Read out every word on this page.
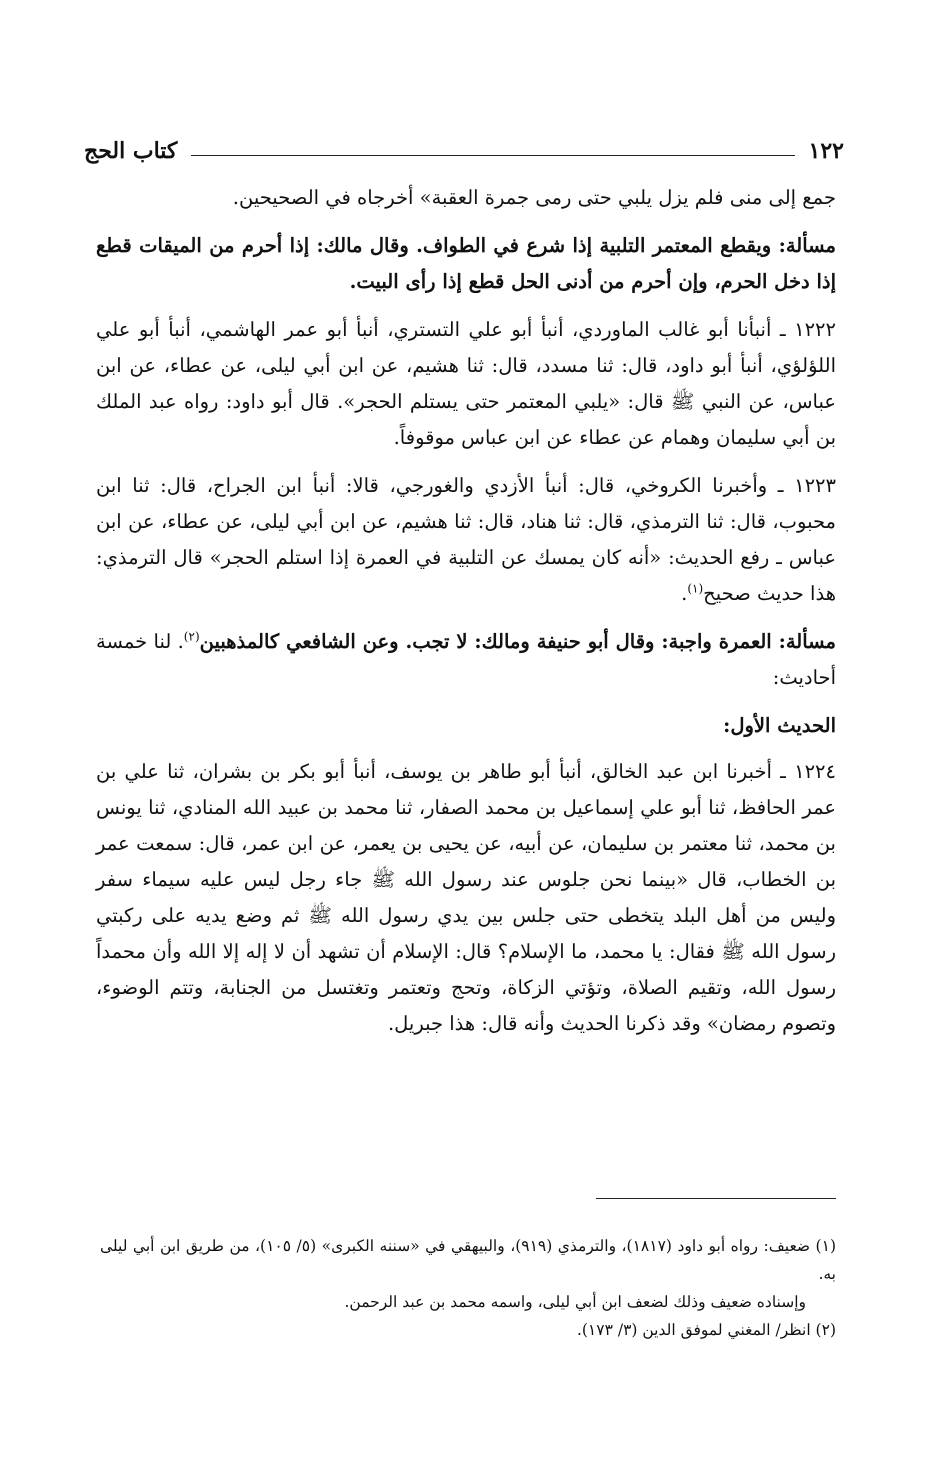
١٢٢
كتاب الحج

جمع إلى منى فلم يزل يلبي حتى رمى جمرة العقبة» أخرجاه في الصحيحين.

مسألة: ويقطع المعتمر التلبية إذا شرع في الطواف. وقال مالك: إذا أحرم من الميقات قطع إذا دخل الحرم، وإن أحرم من أدنى الحل قطع إذا رأى البيت.

١٢٢٢ ـ أنبأنا أبو غالب الماوردي، أنبأ أبو علي التستري، أنبأ أبو عمر الهاشمي، أنبأ أبو علي اللؤلؤي، أنبأ أبو داود، قال: ثنا مسدد، قال: ثنا هشيم، عن ابن أبي ليلى، عن عطاء، عن ابن عباس، عن النبي ﷺ قال: «يلبي المعتمر حتى يستلم الحجر». قال أبو داود: رواه عبد الملك بن أبي سليمان وهمام عن عطاء عن ابن عباس موقوفاً.

١٢٢٣ ـ وأخبرنا الكروخي، قال: أنبأ الأزدي والغورجي، قالا: أنبأ ابن الجراح، قال: ثنا ابن محبوب، قال: ثنا الترمذي، قال: ثنا هناد، قال: ثنا هشيم، عن ابن أبي ليلى، عن عطاء، عن ابن عباس ـ رفع الحديث: «أنه كان يمسك عن التلبية في العمرة إذا استلم الحجر» قال الترمذي: هذا حديث صحيح$^{(١)}$.

مسألة: العمرة واجبة: وقال أبو حنيفة ومالك: لا تجب. وعن الشافعي كالمذهبين$^{(٢)}$. لنا خمسة أحاديث:

الحديث الأول:

١٢٢٤ ـ أخبرنا ابن عبد الخالق، أنبأ أبو طاهر بن يوسف، أنبأ أبو بكر بن بشران، ثنا علي بن عمر الحافظ، ثنا أبو علي إسماعيل بن محمد الصفار، ثنا محمد بن عبيد الله المنادي، ثنا يونس بن محمد، ثنا معتمر بن سليمان، عن أبيه، عن يحيى بن يعمر، عن ابن عمر، قال: سمعت عمر بن الخطاب، قال «بينما نحن جلوس عند رسول الله ﷺ جاء رجل ليس عليه سيماء سفر وليس من أهل البلد يتخطى حتى جلس بين يدي رسول الله ﷺ ثم وضع يديه على ركبتي رسول الله ﷺ فقال: يا محمد، ما الإسلام؟ قال: الإسلام أن تشهد أن لا إله إلا الله وأن محمداً رسول الله، وتقيم الصلاة، وتؤتي الزكاة، وتحج وتعتمر وتغتسل من الجنابة، وتتم الوضوء، وتصوم رمضان» وقد ذكرنا الحديث وأنه قال: هذا جبريل.

(١) ضعيف: رواه أبو داود (١٨١٧)، والترمذي (٩١٩)، والبيهقي في «سننه الكبرى» (٥/ ١٠٥)، من طريق ابن أبي ليلى به.
وإسناده ضعيف وذلك لضعف ابن أبي ليلى، واسمه محمد بن عبد الرحمن.
(٢) انظر/ المغني لموفق الدين (٣/ ١٧٣).
